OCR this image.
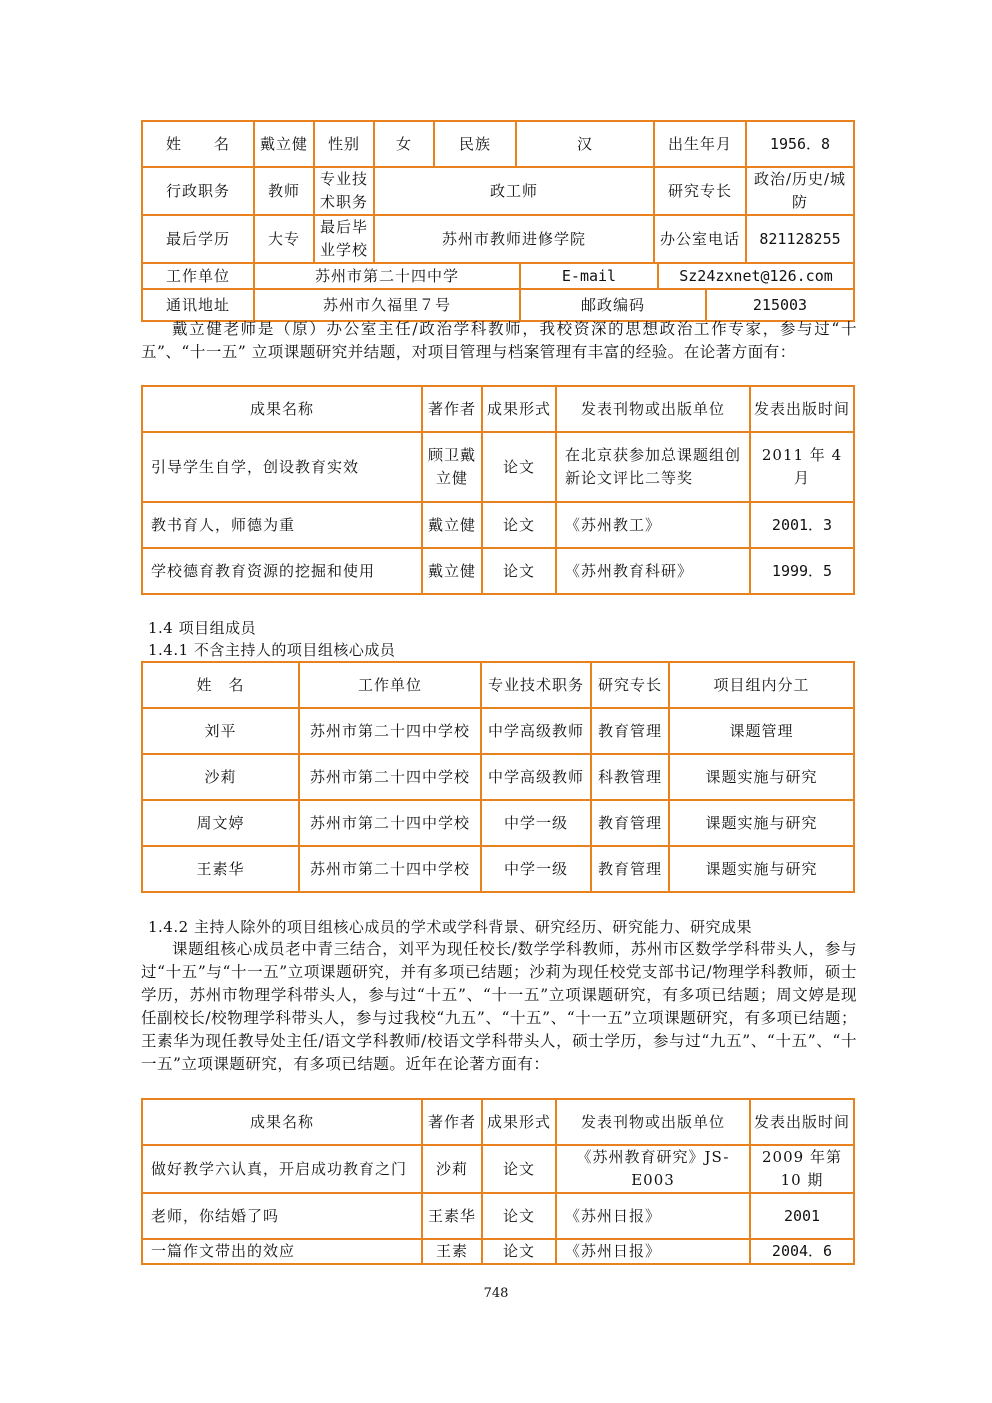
姓　　名	戴立健	性别	女	民族	汉	出生年月	1956．8
行政职务	教师	专业技术职务	政工师			研究专长	政治/历史/城防
最后学历	大专	最后毕业学校	苏州市教师进修学院			办公室电话	821128255
工作单位	苏州市第二十四中学	E-mail	Sz24zxnet@126.com
通讯地址	苏州市久福里７号	邮政编码	215003

戴立健老师是（原）办公室主任/政治学科教师，我校资深的思想政治工作专家，参与过“十五”、“十一五” 立项课题研究并结题，对项目管理与档案管理有丰富的经验。在论著方面有：

成果名称	著作者	成果形式	发表刊物或出版单位	发表出版时间
引导学生自学，创设教育实效	顾卫戴立健	论文	在北京获参加总课题组创新论文评比二等奖	2011 年 4 月
教书育人，师德为重	戴立健	论文	《苏州教工》	2001．3
学校德育教育资源的挖掘和使用	戴立健	论文	《苏州教育科研》	1999．5
1.4 项目组成员
1.4.1 不含主持人的项目组核心成员
姓　名	工作单位	专业技术职务	研究专长	项目组内分工
刘平	苏州市第二十四中学校	中学高级教师	教育管理	课题管理
沙莉	苏州市第二十四中学校	中学高级教师	科教管理	课题实施与研究
周文婷	苏州市第二十四中学校	中学一级	教育管理	课题实施与研究
王素华	苏州市第二十四中学校	中学一级	教育管理	课题实施与研究
1.4.2 主持人除外的项目组核心成员的学术或学科背景、研究经历、研究能力、研究成果

课题组核心成员老中青三结合，刘平为现任校长/数学学科教师，苏州市区数学学科带头人，参与过“十五”与“十一五”立项课题研究，并有多项已结题；沙莉为现任校党支部书记/物理学科教师，硕士学历，苏州市物理学科带头人，参与过“十五”、“十一五”立项课题研究，有多项已结题；周文婷是现任副校长/校物理学科带头人，参与过我校“九五”、“十五”、“十一五”立项课题研究，有多项已结题；王素华为现任教导处主任/语文学科教师/校语文学科带头人，硕士学历，参与过“九五”、“十五”、“十一五”立项课题研究，有多项已结题。近年在论著方面有：

成果名称	著作者	成果形式	发表刊物或出版单位	发表出版时间
做好教学六认真，开启成功教育之门	沙莉	论文	《苏州教育研究》JS-E003	2009 年第 10 期
老师，你结婚了吗	王素华	论文	《苏州日报》	2001
一篇作文带出的效应	王素	论文	《苏州日报》	2004．6
748
